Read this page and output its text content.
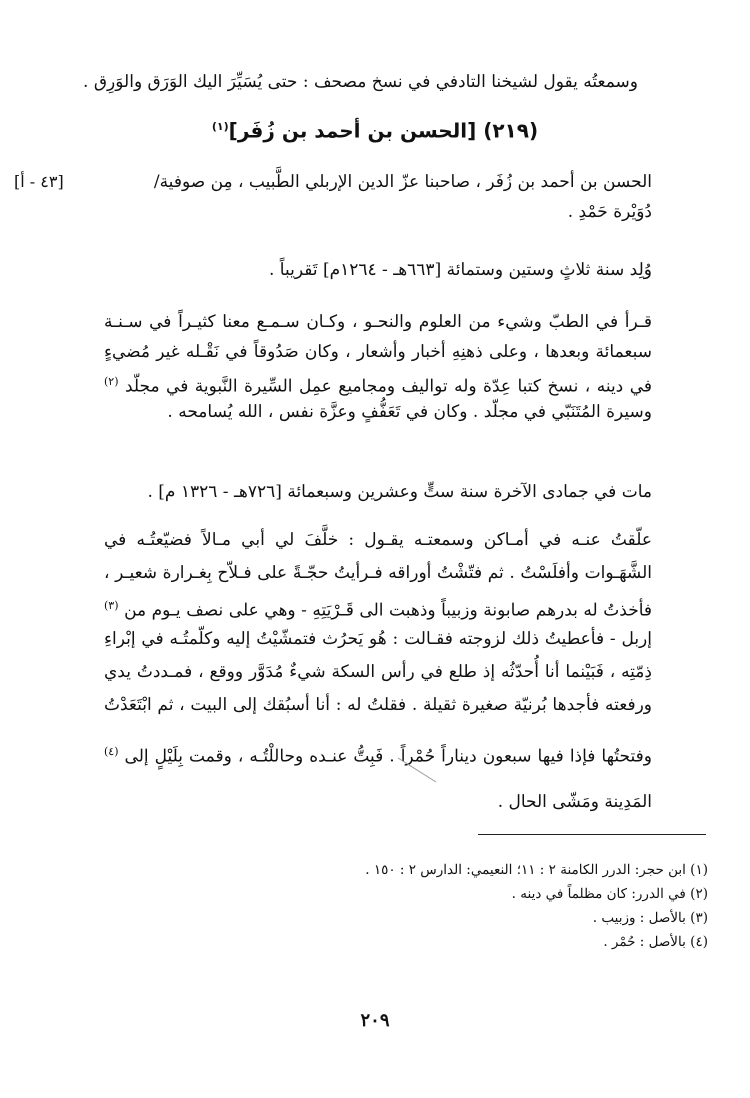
وسمعتُه يقول لشيخنا التادفي في نسخ مصحف : حتى يُسَيِّرَ اليك الوَرَق والوَرِق .
(٢١٩) [الحسن بن أحمد بن زُفَر]$^{(١)}$
الحسن بن أحمد بن زُفَر ، صاحبنا عزّ الدين الإربلي الطَّبيب ، مِن صوفية/
[٤٣ - أ]
دُوَيْرة حَمْدِ .
وُلِد سنة ثلاثٍ وستين وستمائة [٦٦٣هـ - ١٢٦٤م] تَقريباً .
قـرأ في الطبّ وشيء من العلوم والنحـو ، وكـان سـمـع معنا كثيـراً في سـنـة
سبعمائة وبعدها ، وعلى ذهنِهِ أخبار وأشعار ، وكان صَدُوقاً في نَقْـله غير مُضيءٍ
في دينه ، نسخ كتبا عِدّة وله تواليف ومجاميع عمِل السِّيرة النَّبوية في مجلّد $^{(٢)}$
وسيرة المُتَنَبّي في مجلّد . وكان في تَعَفُّفٍ وعزَّة نفس ، الله يُسامحه .
مات في جمادى الآخرة سنة ستٍّ وعشرين وسبعمائة [٧٢٦هـ - ١٣٢٦ م] .
علّقتُ عنـه في أمـاكن وسمعتـه يقـول : خلَّفَ لي أبي مـالاً فضيّعتُـه في
الشَّهَـوات وأفلَسْتُ . ثم فتّشْتُ أوراقه فـرأيتُ حجّـةً على فـلاّح بِغـرارة شعيـر ،
فأخذتُ له بدرهم صابونة وزبيباً وذهبت الى قَـرْيَتِهِ - وهي على نصف يـوم من $^{(٣)}$
إربل - فأعطيتُ ذلك لزوجته فقـالت : هُو يَحرُث فتمشّيْتُ إليه وكلّمتُـه في إبْراءِ
ذِمّتِه ، فَبَيْنما أنا أُحدّثُه إذ طلع في رأس السكة شيءٌ مُدَوَّر ووقع ، فمـددتُ يدي
ورفعته فأجدها بُرنيّة صغيرة ثقيلة . فقلتُ له : أنا أسبُقك إلى البيت ، ثم ابْتَعَدْتُ
وفتحتُها فإذا فيها سبعون ديناراً حُمْراً . فَبِتُّ عنـده وحاللْتُـه ، وقمت بِلَيْلٍ إلى $^{(٤)}$
المَدِينة ومَشّى الحال .
(١) ابن حجر: الدرر الكامنة ٢ : ١١؛ النعيمي: الدارس ٢ : ١٥٠ .
(٢) في الدرر: كان مظلماً في دينه .
(٣) بالأصل : وزبيب .
(٤) بالأصل : حُمْر .
٢٠٩
